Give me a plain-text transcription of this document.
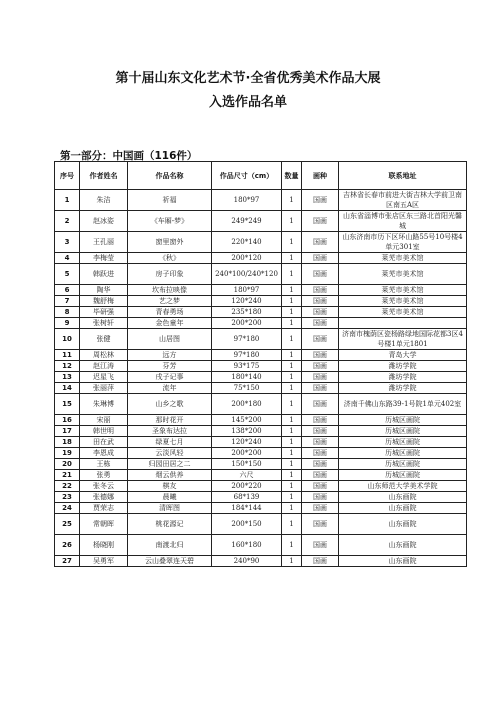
第十届山东文化艺术节·全省优秀美术作品大展
入选作品名单
第一部分：中国画（116件）
序号	作者姓名	作品名称	作品尺寸（cm）	数量	画种	联系地址
1	朱洁	祈福	180*97	1	国画	吉林省长春市前进大街吉林大学前卫南区南五A区
2	赵冰姿	《车厢-梦》	249*249	1	国画	山东省淄博市张店区东三路北首阳光馨城
3	王孔丽	窗里窗外	220*140	1	国画	山东济南市历下区环山路55号10号楼4单元301室
4	李梅莹	《秋》	200*120	1	国画	莱芜市美术馆
5	韩跃进	房子印象	240*100/240*120	1	国画	莱芜市美术馆
6	陶华	坎布拉映像	180*97	1	国画	莱芜市美术馆
7	魏舒梅	艺之梦	120*240	1	国画	莱芜市美术馆
8	毕研强	青春勇场	235*180	1	国画	莱芜市美术馆
9	张树轩	金色童年	200*200	1	国画	
10	张健	山居图	97*180	1	国画	济南市槐荫区瓷杨路绿地国际花都3区4号楼1单元1801
11	周松林	远方	97*180	1	国画	青岛大学
12	赵江涛	芬芳	93*175	1	国画	潍坊学院
13	迟星飞	戌子记事	180*140	1	国画	潍坊学院
14	张丽萍	流年	75*150	1	国画	潍坊学院
15	朱琳博	山乡之歌	200*180	1	国画	济南千佛山东路39-1号院1单元402室
16	宋丽	那时花开	145*200	1	国画	历城区画院
17	韩世明	圣象布达拉	138*200	1	国画	历城区画院
18	田在武	绿夏七月	120*240	1	国画	历城区画院
19	李恩成	云淡风轻	200*200	1	国画	历城区画院
20	王栋	归园田居之二	150*150	1	国画	历城区画院
21	张勇	烟云供养	六尺	1	国画	历城区画院
22	张冬云	棋友	200*220	1	国画	山东师范大学美术学院
23	张德娜	晨曦	68*139	1	国画	山东画院
24	贾荣志	清晖图	184*144	1	国画	山东画院
25	常朝晖	桃花源记	200*150	1	国画	山东画院
26	杨晓刚	南渡北归	160*180	1	国画	山东画院
27	吴勇军	云山叠翠连天碧	240*90	1	国画	山东画院
